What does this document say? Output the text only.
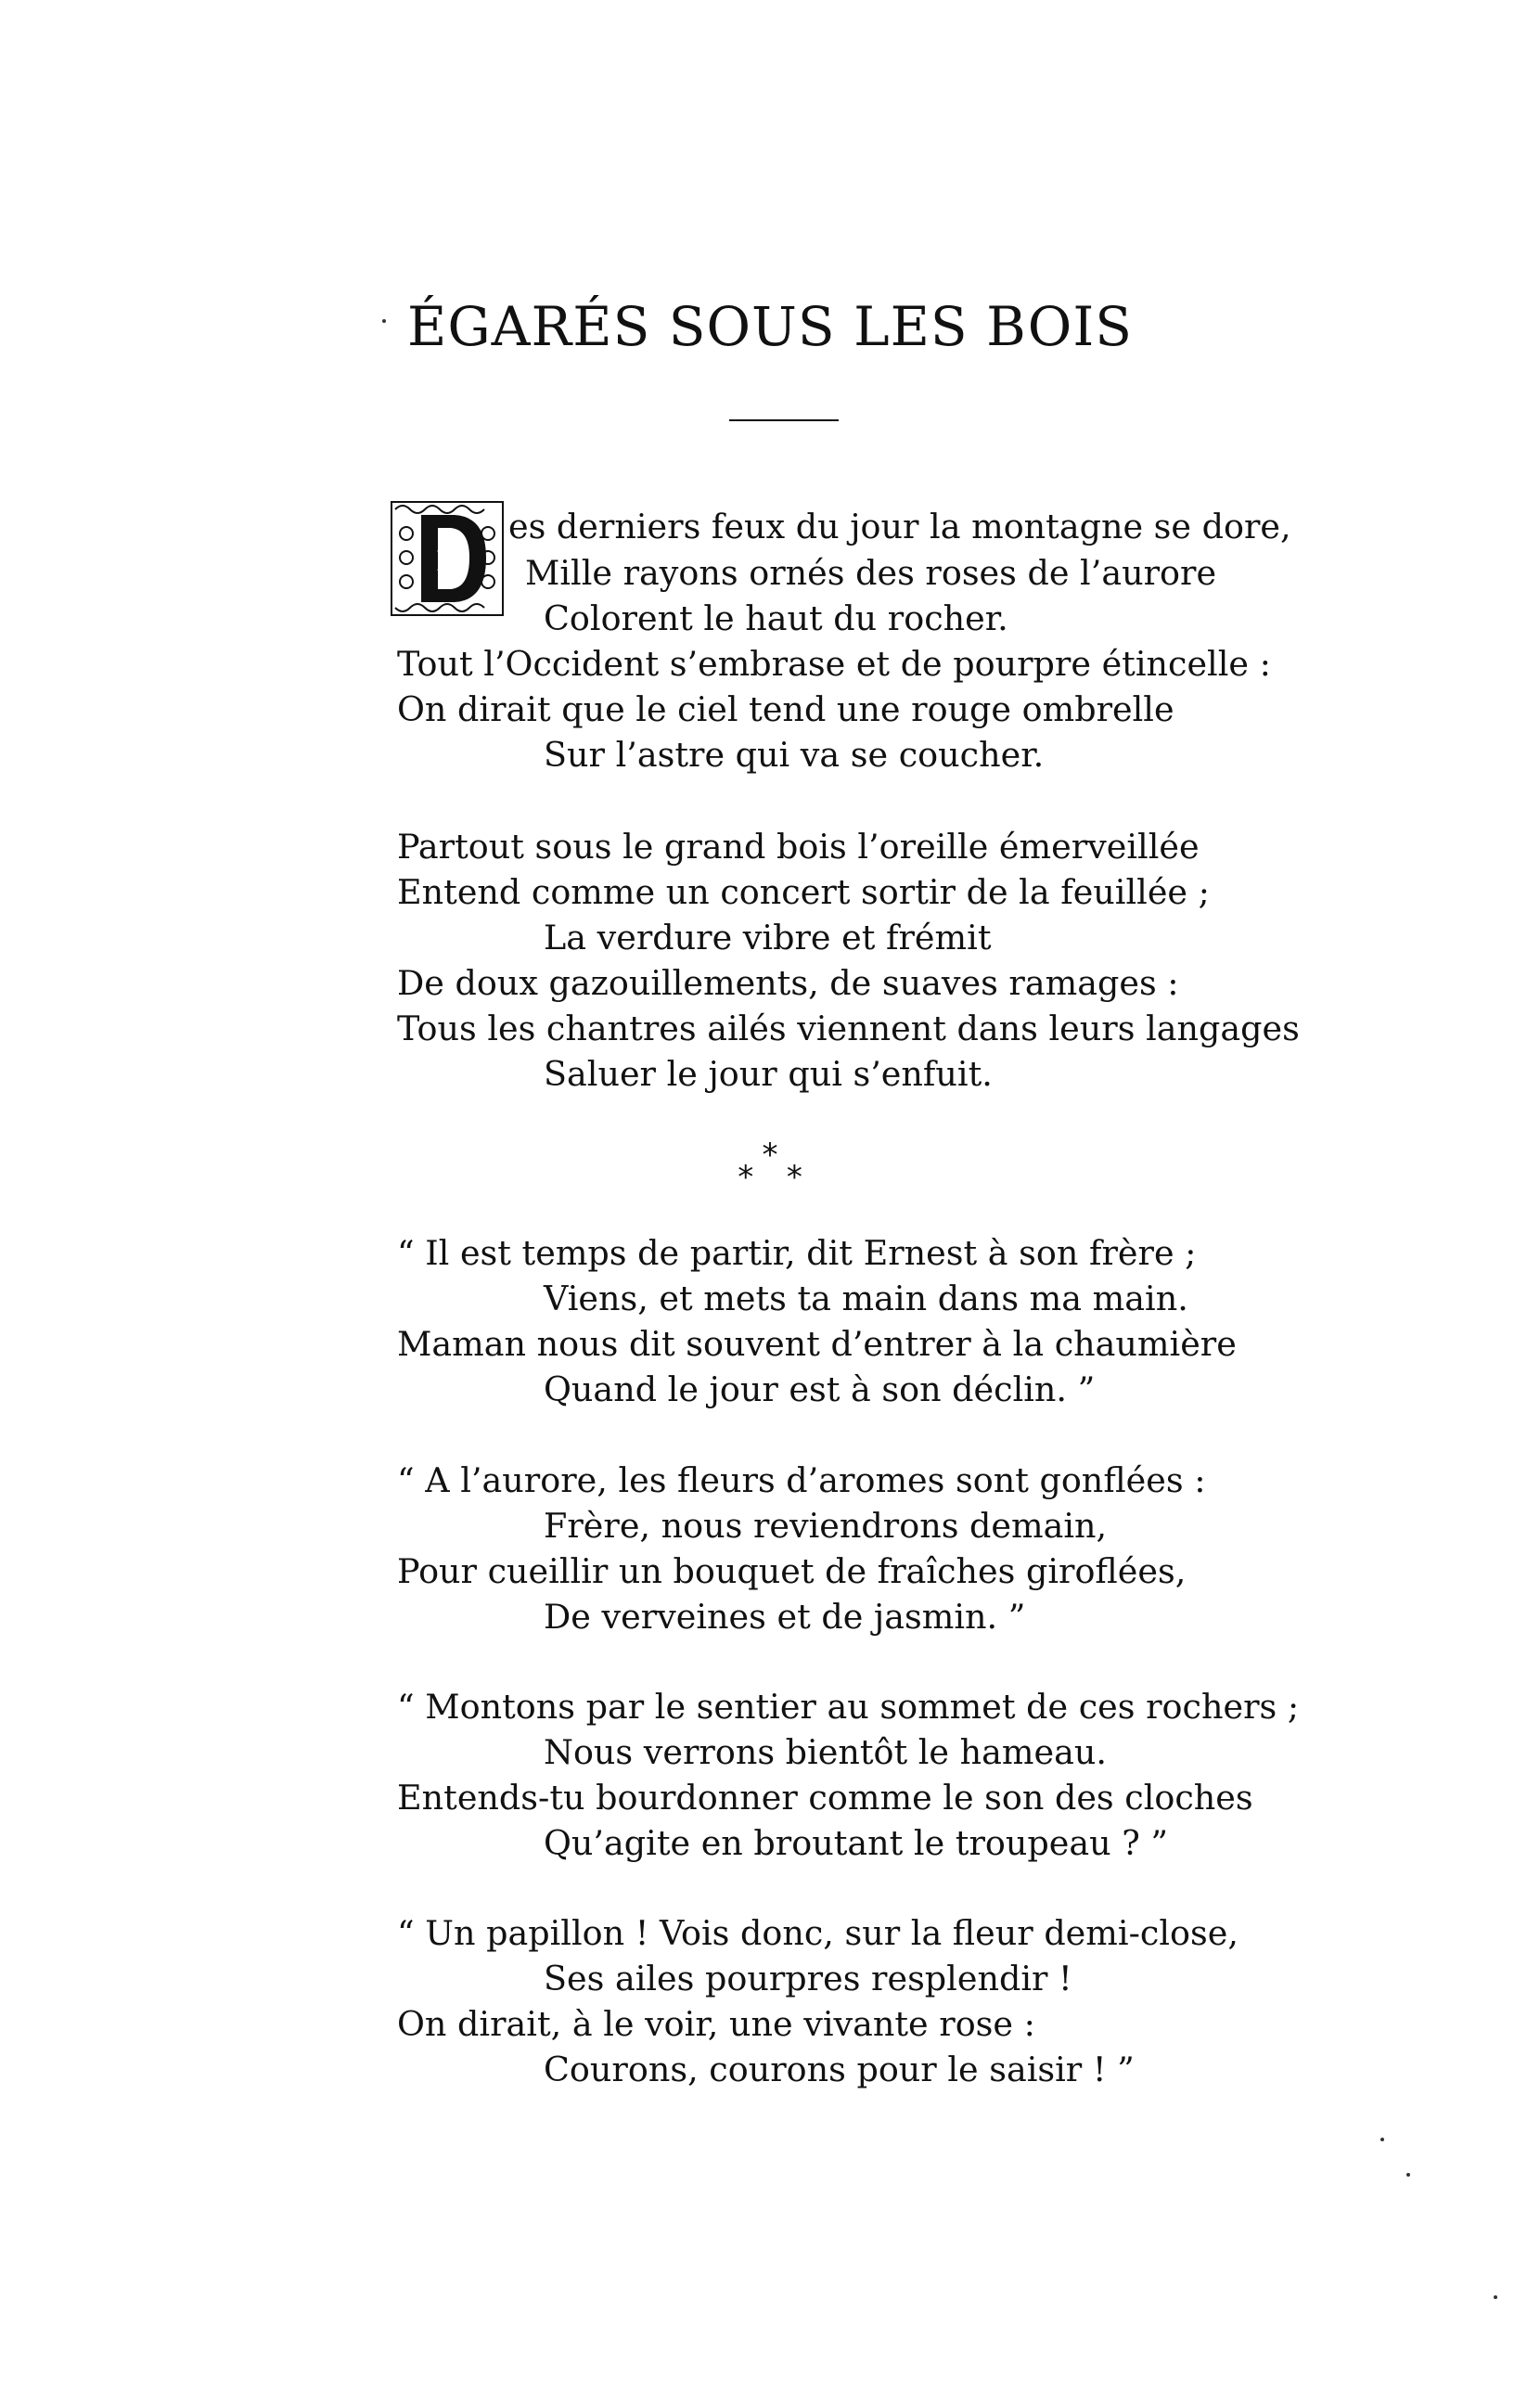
ÉGARÉS SOUS LES BOIS
D
es derniers feux du jour la montagne se dore,
Mille rayons ornés des roses de l’aurore
Colorent le haut du rocher.
Tout l’Occident s’embrase et de pourpre étincelle :
On dirait que le ciel tend une rouge ombrelle
Sur l’astre qui va se coucher.
Partout sous le grand bois l’oreille émerveillée
Entend comme un concert sortir de la feuillée ;
La verdure vibre et frémit
De doux gazouillements, de suaves ramages :
Tous les chantres ailés viennent dans leurs langages
Saluer le jour qui s’enfuit.
*
* *
“ Il est temps de partir, dit Ernest à son frère ;
Viens, et mets ta main dans ma main.
Maman nous dit souvent d’entrer à la chaumière
Quand le jour est à son déclin. ”
“ A l’aurore, les fleurs d’aromes sont gonflées :
Frère, nous reviendrons demain,
Pour cueillir un bouquet de fraîches giroflées,
De verveines et de jasmin. ”
“ Montons par le sentier au sommet de ces rochers ;
Nous verrons bientôt le hameau.
Entends-tu bourdonner comme le son des cloches
Qu’agite en broutant le troupeau ? ”
“ Un papillon ! Vois donc, sur la fleur demi-close,
Ses ailes pourpres resplendir !
On dirait, à le voir, une vivante rose :
Courons, courons pour le saisir ! ”
